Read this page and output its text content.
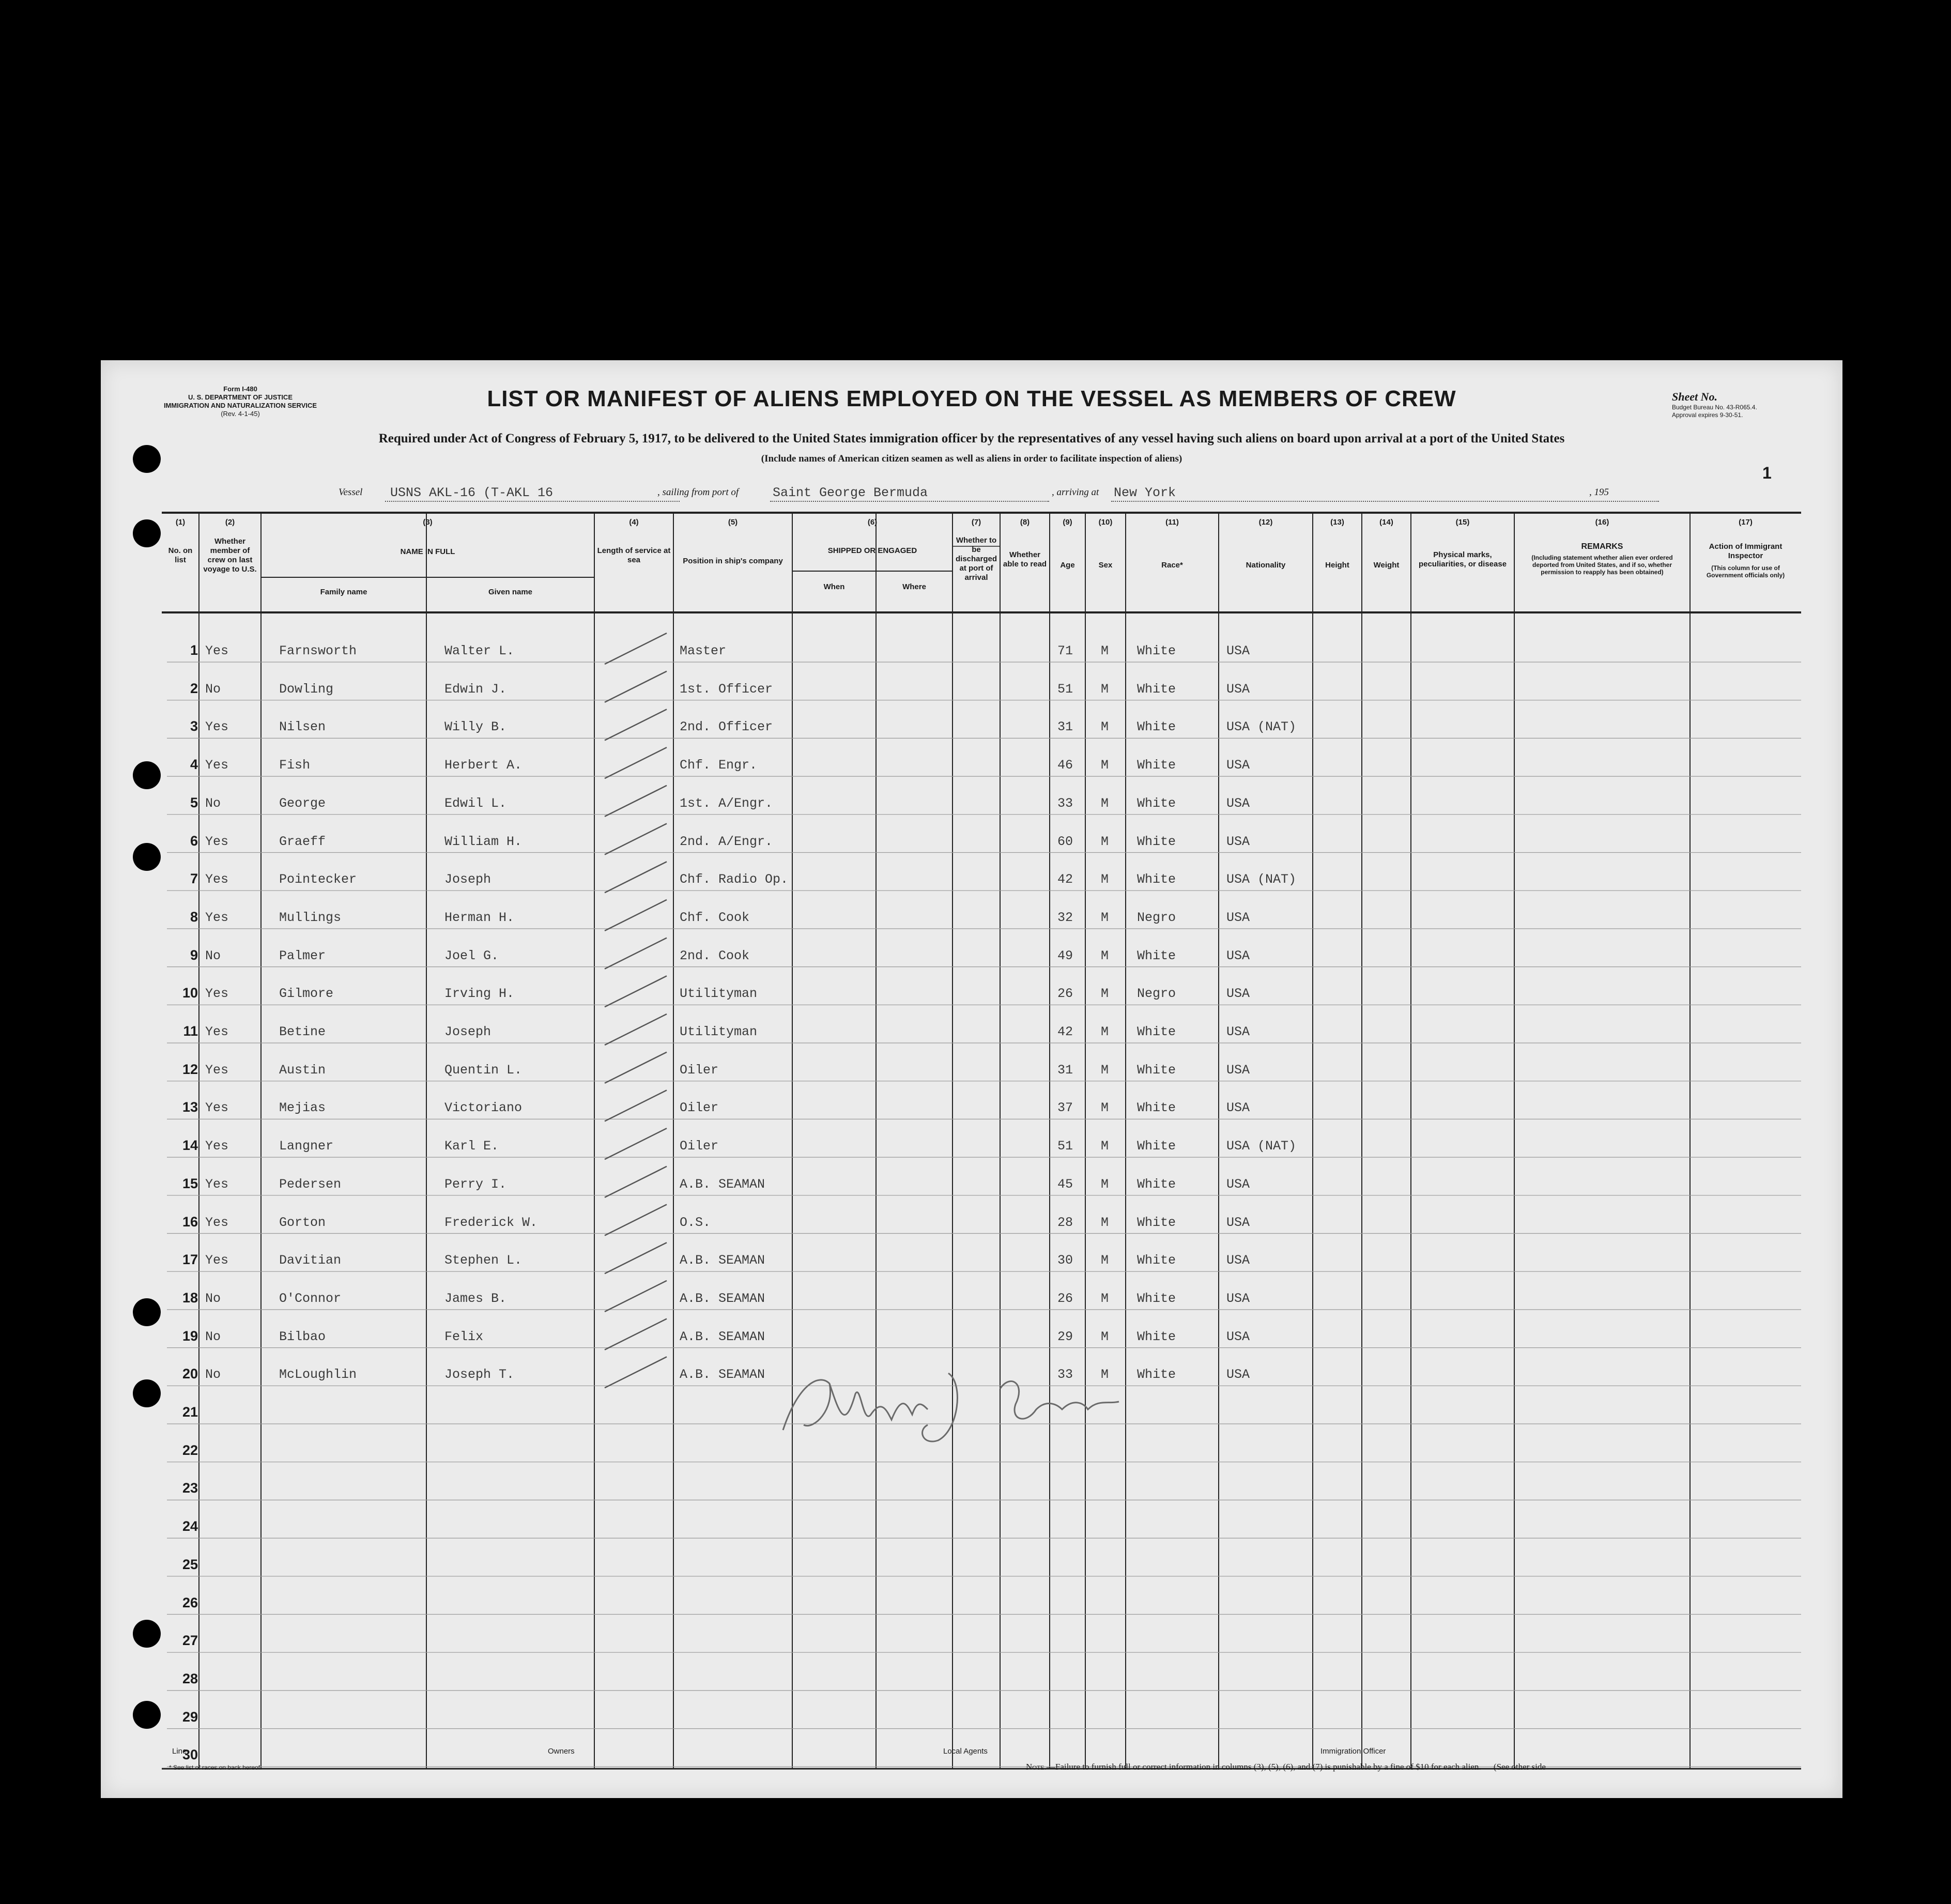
Form I-480
U. S. DEPARTMENT OF JUSTICE
IMMIGRATION AND NATURALIZATION SERVICE
(Rev. 4-1-45)
LIST OR MANIFEST OF ALIENS EMPLOYED ON THE VESSEL AS MEMBERS OF CREW
Required under Act of Congress of February 5, 1917, to be delivered to the United States immigration officer by the representatives of any vessel having such aliens on board upon arrival at a port of the United States
(Include names of American citizen seamen as well as aliens in order to facilitate inspection of aliens)
Sheet No.
Budget Bureau No. 43-R065.4.
Approval expires 9-30-51.
1
Vessel USNS AKL-16 (T-AKL 16	, sailing from port of	Saint George Bermuda	, arriving at New York	, 195
(1)
No. on list
(2)
Whether member of crew on last voyage to U.S.
(3)
NAME IN FULL
Family name	Given name
(4)
Length of service at sea
(5)
Position in ship's company
(6)
SHIPPED OR ENGAGED
When	Where
(7)
Whether to be discharged at port of arrival
(8)
Whether able to read
(9)
Age
(10)
Sex
(11)
Race*
(12)
Nationality
(13)
Height
(14)
Weight
(15)
Physical marks, peculiarities, or disease
(16)
REMARKS
(Including statement whether alien ever ordered deported from United States, and if so, whether permission to reapply has been obtained)
(17)
Action of Immigrant Inspector
(This column for use of Government officials only)
1 Yes	Farnsworth	Walter L.	Master	71 M White	USA
2 No	Dowling	Edwin J.	1st. Officer	51 M White	USA
3 Yes	Nilsen	Willy B.	2nd. Officer	31 M White	USA (NAT)
4 Yes	Fish	Herbert A.	Chf. Engr.	46 M White	USA
5 No	George	Edwil L.	1st. A/Engr.	33 M White	USA
6 Yes	Graeff	William H.	2nd. A/Engr.	60 M White	USA
7 Yes	Pointecker	Joseph	Chf. Radio Op.	42 M White	USA (NAT)
8 Yes	Mullings	Herman H.	Chf. Cook	32 M Negro	USA
9 No	Palmer	Joel G.	2nd. Cook	49 M White	USA
10 Yes	Gilmore	Irving H.	Utilityman	26 M Negro	USA
11 Yes	Betine	Joseph	Utilityman	42 M White	USA
12 Yes	Austin	Quentin L.	Oiler	31 M White	USA
13 Yes	Mejias	Victoriano	Oiler	37 M White	USA
14 Yes	Langner	Karl E.	Oiler	51 M White	USA (NAT)
15 Yes	Pedersen	Perry I.	A.B. SEAMAN	45 M White	USA
16 Yes	Gorton	Frederick W.	O.S.	28 M White	USA
17 Yes	Davitian	Stephen L.	A.B. SEAMAN	30 M White	USA
18 No	O'Connor	James B.	A.B. SEAMAN	26 M White	USA
19 No	Bilbao	Felix	A.B. SEAMAN	29 M White	USA
20 No	McLoughlin	Joseph T.	A.B. SEAMAN	33 M White	USA
21
22
23
24
25
26
27
28
29
30
Line	Owners	Local Agents	Immigration Officer
* See list of races on back hereof.	Note.—Failure to furnish full or correct information in columns (3), (5), (6), and (7) is punishable by a fine of $10 for each alien. (See other side
